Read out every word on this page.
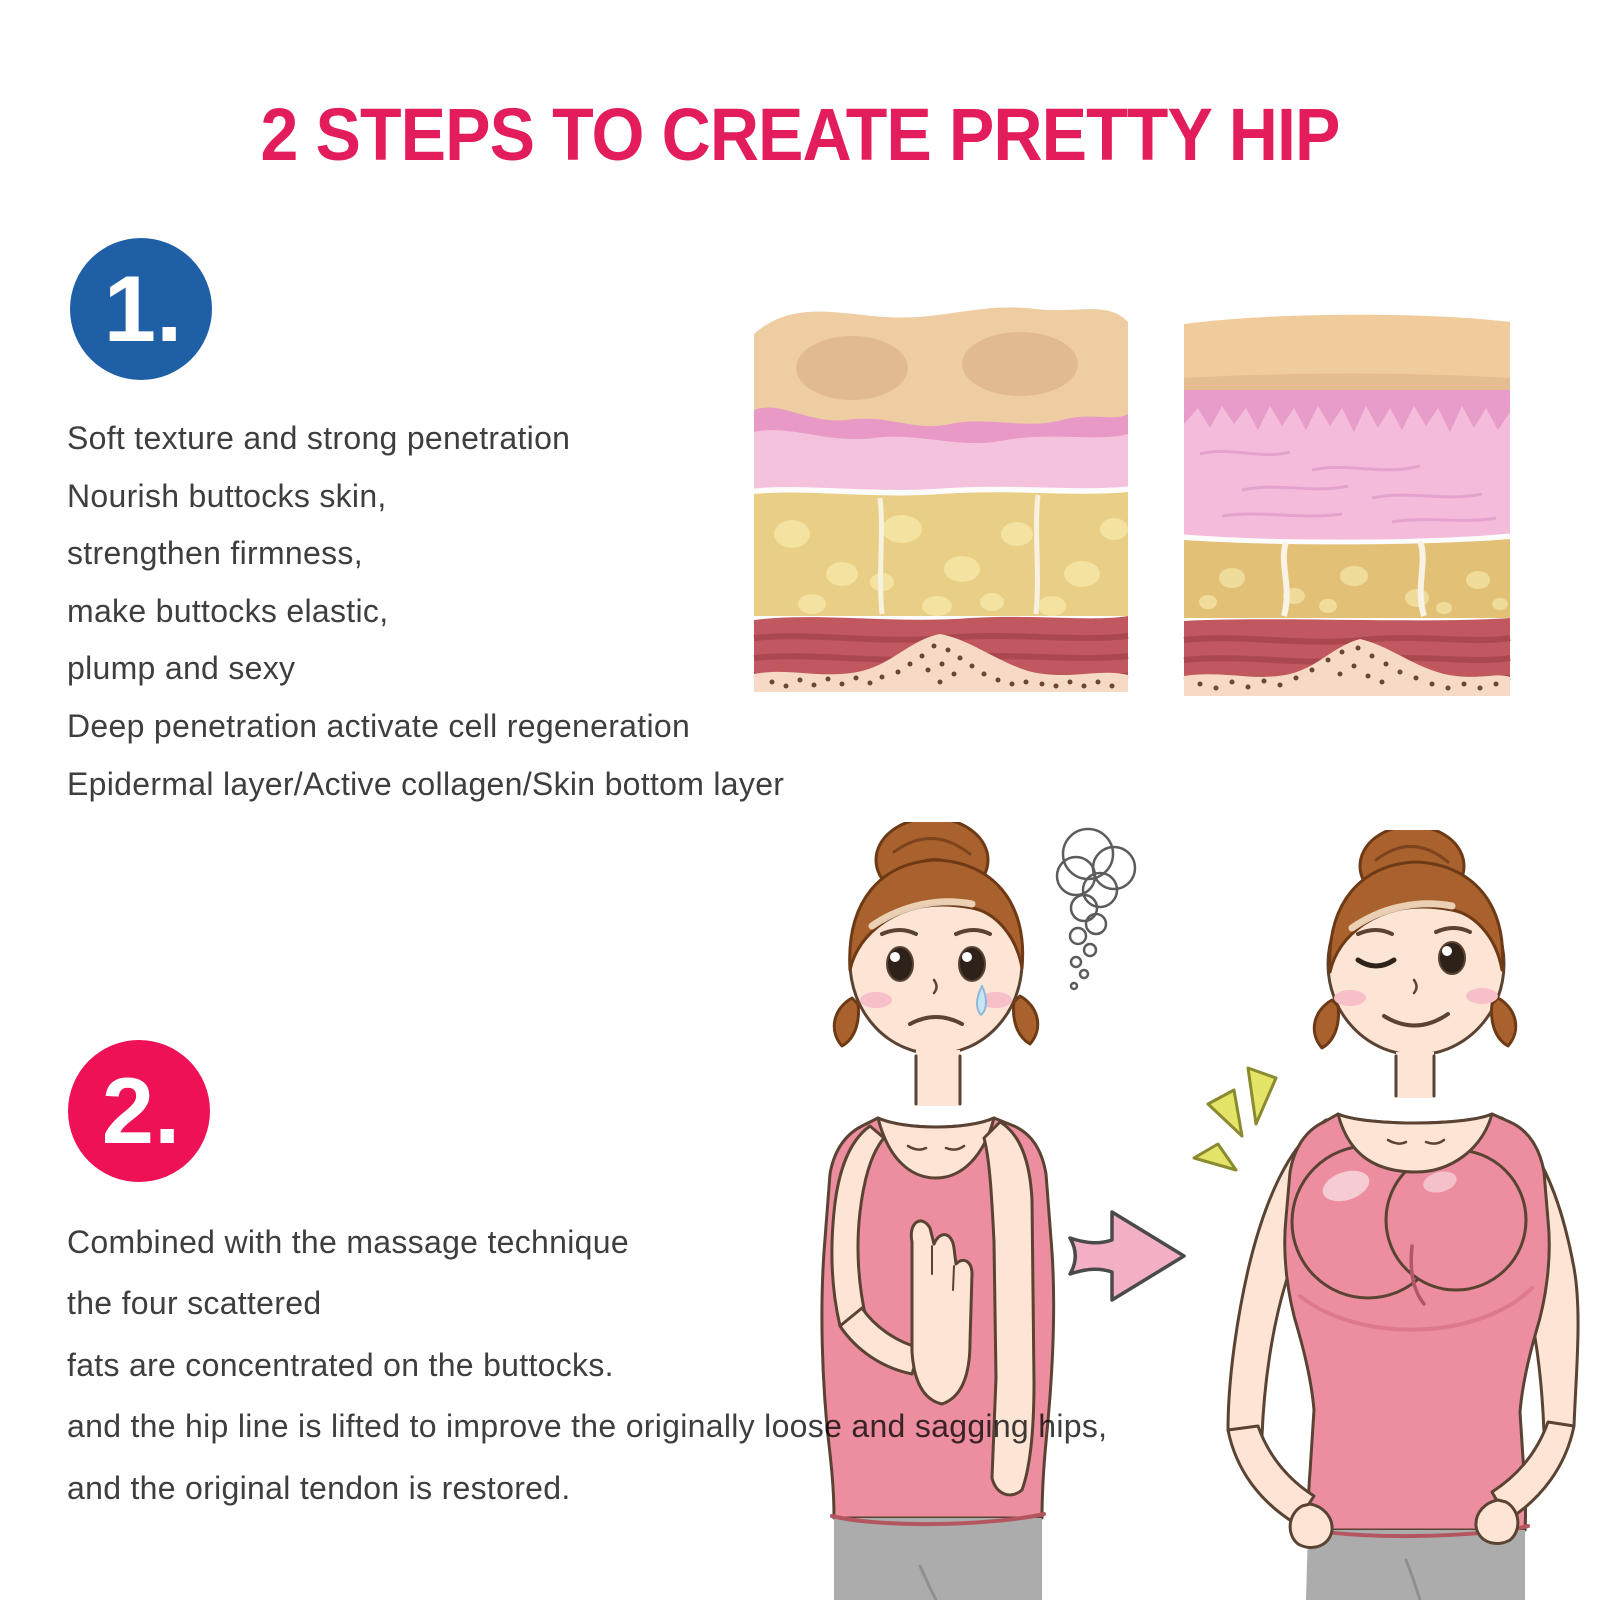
2 STEPS TO CREATE PRETTY HIP
1.
Soft texture and strong penetration
Nourish buttocks skin,
strengthen firmness,
make buttocks elastic,
plump and sexy
Deep penetration activate cell regeneration
Epidermal layer/Active collagen/Skin bottom layer
2.
Combined with the massage technique
the four scattered
fats are concentrated on the buttocks.
and the hip line is lifted to improve the originally loose and sagging hips,
and the original tendon is restored.
